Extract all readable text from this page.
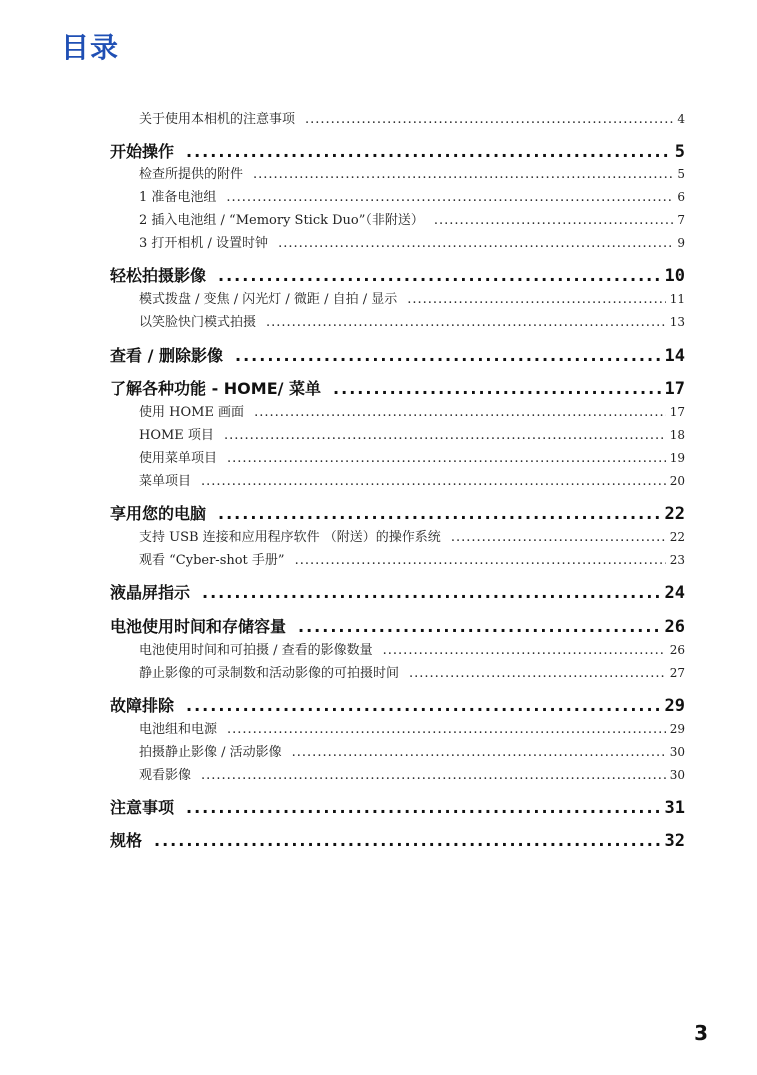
目录
关于使用本相机的注意事项 .....	4
开始操作 .....	5
检查所提供的附件 .....	5
1 准备电池组 .....	6
2 插入电池组 / “Memory Stick Duo”（非附送） .....	7
3 打开相机 / 设置时钟 .....	9
轻松拍摄影像 .....	10
模式拨盘 / 变焦 / 闪光灯 / 微距 / 自拍 / 显示 .....	11
以笑脸快门模式拍摄 .....	13
查看 / 删除影像 .....	14
了解各种功能 - HOME/ 菜单 .....	17
使用 HOME 画面 .....	17
HOME 项目 .....	18
使用菜单项目 .....	19
菜单项目 .....	20
享用您的电脑 .....	22
支持 USB 连接和应用程序软件 （附送）的操作系统 .....	22
观看 “Cyber-shot 手册” .....	23
液晶屏指示 .....	24
电池使用时间和存储容量 .....	26
电池使用时间和可拍摄 / 查看的影像数量 .....	26
静止影像的可录制数和活动影像的可拍摄时间 .....	27
故障排除 .....	29
电池组和电源 .....	29
拍摄静止影像 / 活动影像 .....	30
观看影像 .....	30
注意事项 .....	31
规格 .....	32
3
